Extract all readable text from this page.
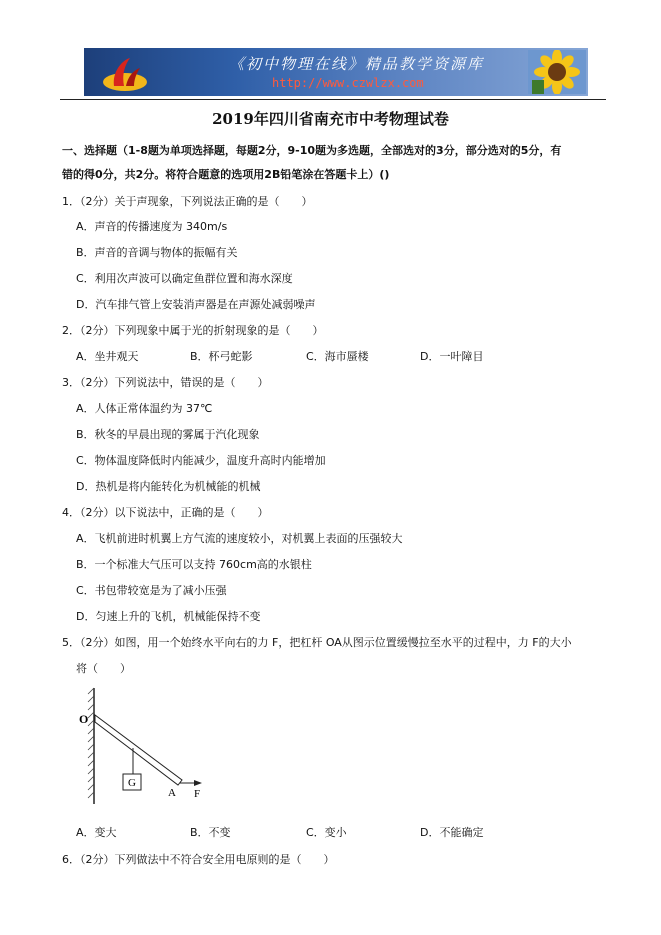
《初中物理在线》精品教学资源库
http://www.czwlzx.com
2019年四川省南充市中考物理试卷
一、选择题（1-8题为单项选择题，每题2分，9-10题为多选题，全部选对的3分，部分选对的5分，有
错的得0分，共2分。将符合题意的选项用2B铅笔涂在答题卡上）()
1．（2分）关于声现象，下列说法正确的是（　　）
A．声音的传播速度为 340m/s
B．声音的音调与物体的振幅有关
C．利用次声波可以确定鱼群位置和海水深度
D．汽车排气管上安装消声器是在声源处减弱噪声
2．（2分）下列现象中属于光的折射现象的是（　　）
A．坐井观天	B．杯弓蛇影	C．海市蜃楼	D．一叶障目
3．（2分）下列说法中，错误的是（　　）
A．人体正常体温约为 37℃
B．秋冬的早晨出现的雾属于汽化现象
C．物体温度降低时内能减少，温度升高时内能增加
D．热机是将内能转化为机械能的机械
4．（2分）以下说法中，正确的是（　　）
A．飞机前进时机翼上方气流的速度较小，对机翼上表面的压强较大
B．一个标准大气压可以支持 760cm高的水银柱
C．书包带较宽是为了减小压强
D．匀速上升的飞机，机械能保持不变
5．（2分）如图，用一个始终水平向右的力 F，把杠杆 OA从图示位置缓慢拉至水平的过程中，力 F的大小
将（　　）
G
O
A F
A．变大	B．不变	C．变小	D．不能确定
6．（2分）下列做法中不符合安全用电原则的是（　　）
